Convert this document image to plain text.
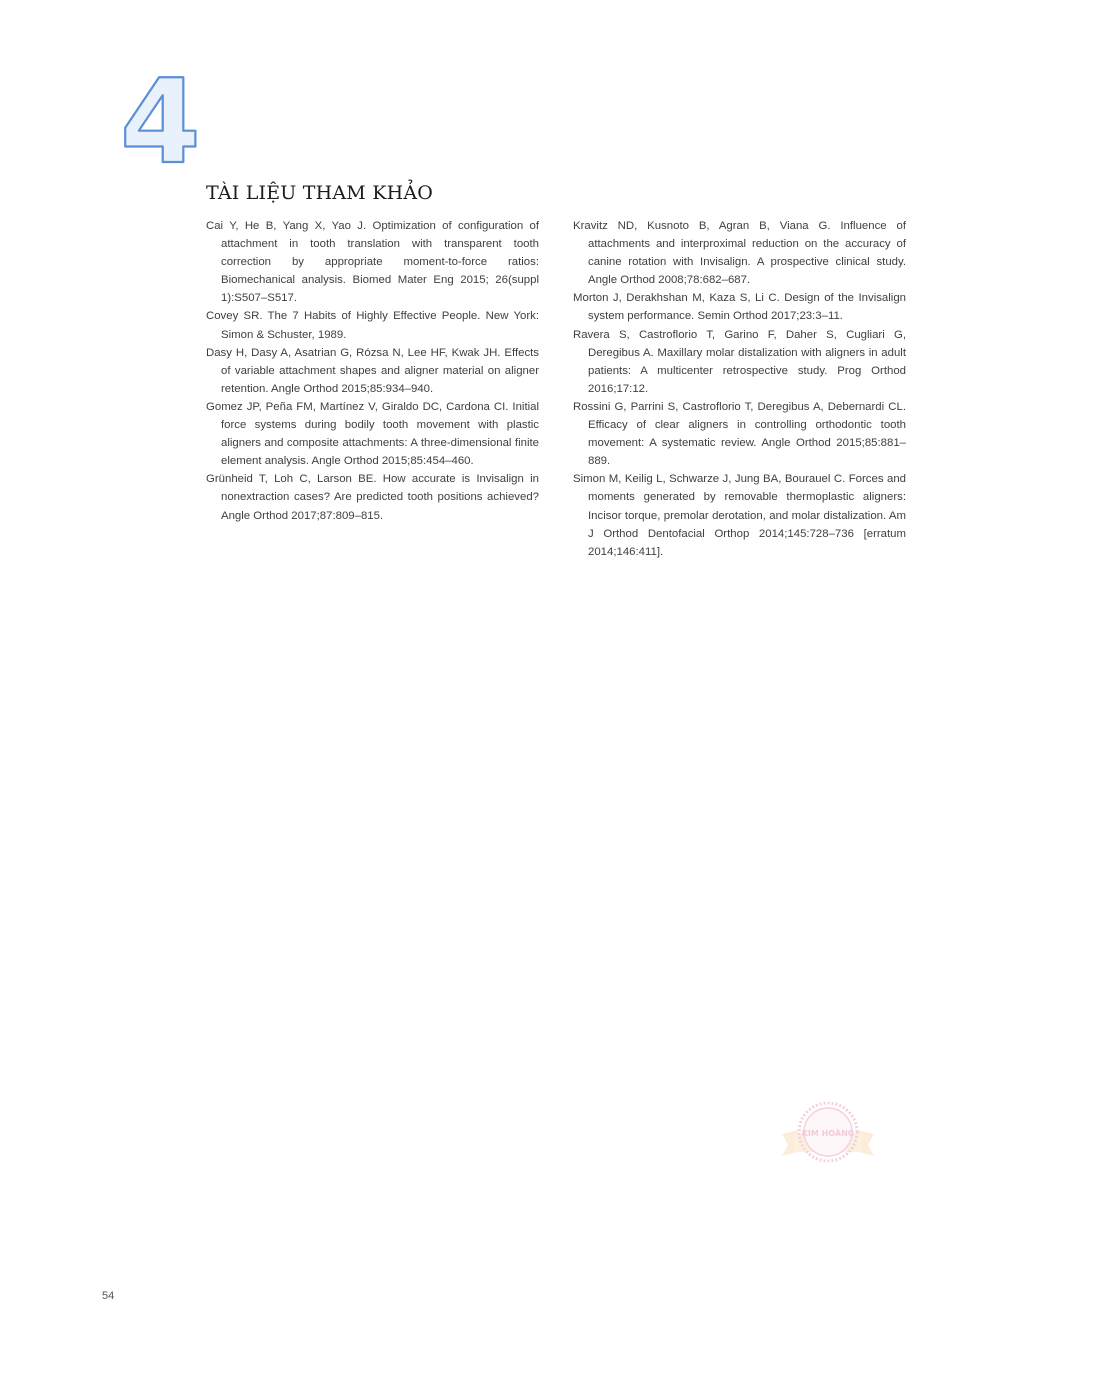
4
TÀI LIỆU THAM KHẢO
Cai Y, He B, Yang X, Yao J. Optimization of configuration of attachment in tooth translation with transparent tooth correction by appropriate moment-to-force ratios: Biomechanical analysis. Biomed Mater Eng 2015; 26(suppl 1):S507–S517.
Covey SR. The 7 Habits of Highly Effective People. New York: Simon & Schuster, 1989.
Dasy H, Dasy A, Asatrian G, Rózsa N, Lee HF, Kwak JH. Effects of variable attachment shapes and aligner material on aligner retention. Angle Orthod 2015;85:934–940.
Gomez JP, Peña FM, Martínez V, Giraldo DC, Cardona CI. Initial force systems during bodily tooth movement with plastic aligners and composite attachments: A three-dimensional finite element analysis. Angle Orthod 2015;85:454–460.
Grünheid T, Loh C, Larson BE. How accurate is Invisalign in nonextraction cases? Are predicted tooth positions achieved? Angle Orthod 2017;87:809–815.
Kravitz ND, Kusnoto B, Agran B, Viana G. Influence of attachments and interproximal reduction on the accuracy of canine rotation with Invisalign. A prospective clinical study. Angle Orthod 2008;78:682–687.
Morton J, Derakhshan M, Kaza S, Li C. Design of the Invisalign system performance. Semin Orthod 2017;23:3–11.
Ravera S, Castroflorio T, Garino F, Daher S, Cugliari G, Deregibus A. Maxillary molar distalization with aligners in adult patients: A multicenter retrospective study. Prog Orthod 2016;17:12.
Rossini G, Parrini S, Castroflorio T, Deregibus A, Debernardi CL. Efficacy of clear aligners in controlling orthodontic tooth movement: A systematic review. Angle Orthod 2015;85:881–889.
Simon M, Keilig L, Schwarze J, Jung BA, Bourauel C. Forces and moments generated by removable thermoplastic aligners: Incisor torque, premolar derotation, and molar distalization. Am J Orthod Dentofacial Orthop 2014;145:728–736 [erratum 2014;146:411].
KIM HOÀNG
54
